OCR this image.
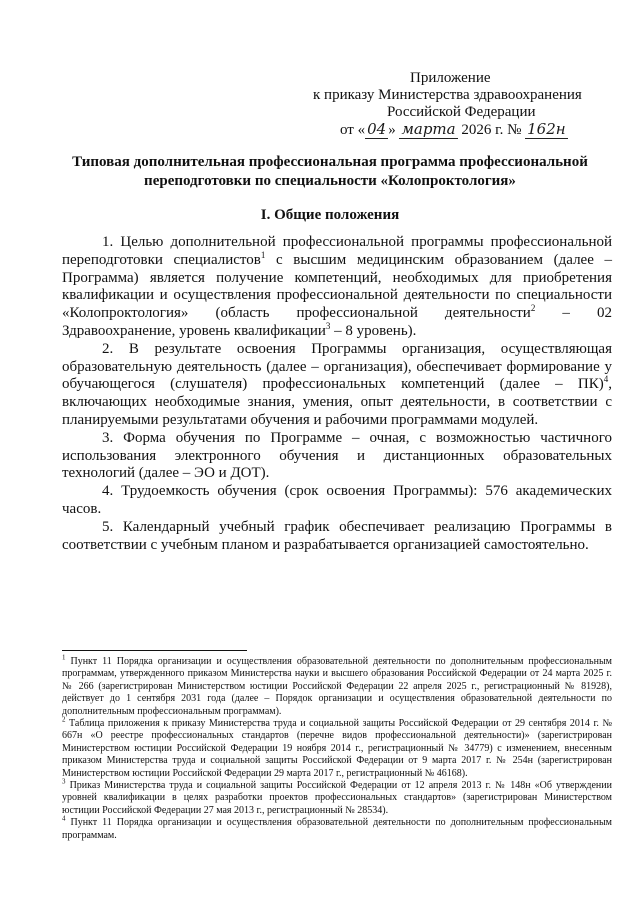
Приложение
к приказу Министерства здравоохранения
Российской Федерации
от « 04 » марта 2026 г. № 162н
Типовая дополнительная профессиональная программа профессиональной переподготовки по специальности «Колопроктология»
I. Общие положения

1. Целью дополнительной профессиональной программы профессиональной переподготовки специалистов$^1$ с высшим медицинским образованием (далее – Программа) является получение компетенций, необходимых для приобретения квалификации и осуществления профессиональной деятельности по специальности «Колопроктология» (область профессиональной деятельности$^2$ – 02 Здравоохранение, уровень квалификации$^3$ – 8 уровень).

2. В результате освоения Программы организация, осуществляющая образовательную деятельность (далее – организация), обеспечивает формирование у обучающегося (слушателя) профессиональных компетенций (далее – ПК)$^4$, включающих необходимые знания, умения, опыт деятельности, в соответствии с планируемыми результатами обучения и рабочими программами модулей.

3. Форма обучения по Программе – очная, с возможностью частичного использования электронного обучения и дистанционных образовательных технологий (далее – ЭО и ДОТ).

4. Трудоемкость обучения (срок освоения Программы): 576 академических часов.

5. Календарный учебный график обеспечивает реализацию Программы в соответствии с учебным планом и разрабатывается организацией самостоятельно.

$^1$ Пункт 11 Порядка организации и осуществления образовательной деятельности по дополнительным профессиональным программам, утвержденного приказом Министерства науки и высшего образования Российской Федерации от 24 марта 2025 г. № 266 (зарегистрирован Министерством юстиции Российской Федерации 22 апреля 2025 г., регистрационный № 81928), действует до 1 сентября 2031 года (далее – Порядок организации и осуществления образовательной деятельности по дополнительным профессиональным программам).

$^2$ Таблица приложения к приказу Министерства труда и социальной защиты Российской Федерации от 29 сентября 2014 г. № 667н «О реестре профессиональных стандартов (перечне видов профессиональной деятельности)» (зарегистрирован Министерством юстиции Российской Федерации 19 ноября 2014 г., регистрационный № 34779) с изменением, внесенным приказом Министерства труда и социальной защиты Российской Федерации от 9 марта 2017 г. № 254н (зарегистрирован Министерством юстиции Российской Федерации 29 марта 2017 г., регистрационный № 46168).

$^3$ Приказ Министерства труда и социальной защиты Российской Федерации от 12 апреля 2013 г. № 148н «Об утверждении уровней квалификации в целях разработки проектов профессиональных стандартов» (зарегистрирован Министерством юстиции Российской Федерации 27 мая 2013 г., регистрационный № 28534).

$^4$ Пункт 11 Порядка организации и осуществления образовательной деятельности по дополнительным профессиональным программам.
